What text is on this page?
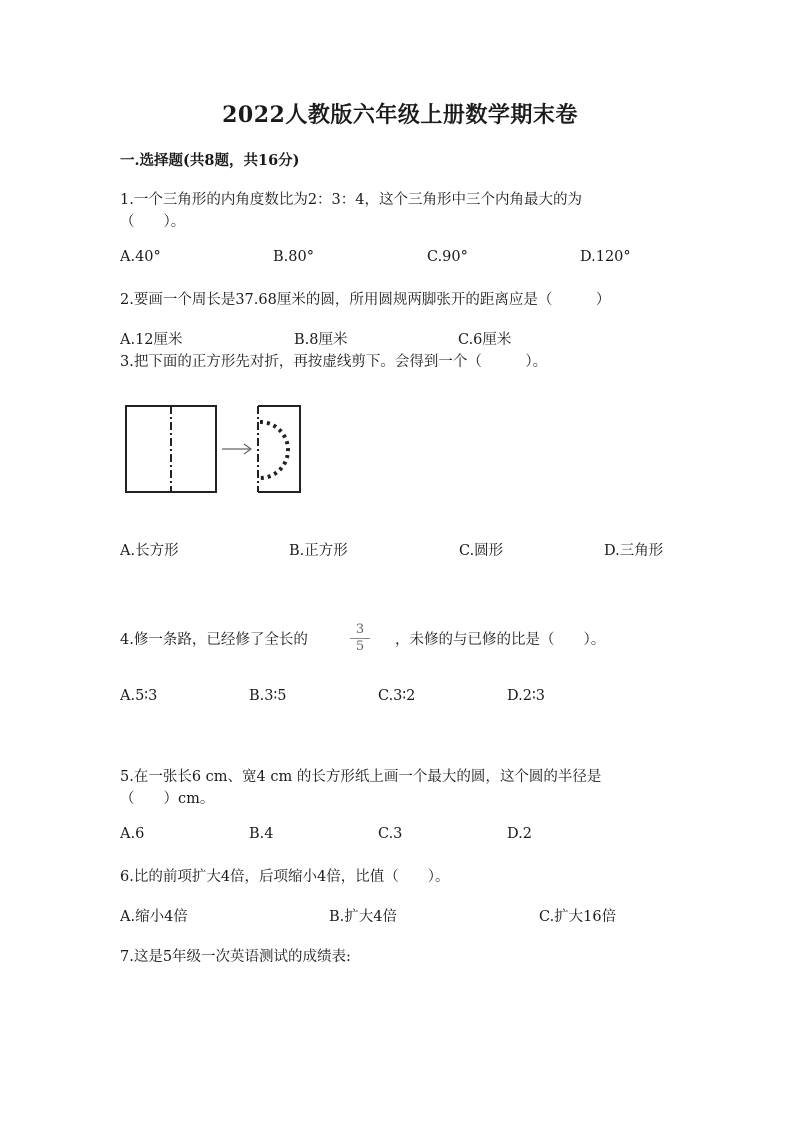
2022人教版六年级上册数学期末卷
一.选择题(共8题，共16分)
1.一个三角形的内角度数比为2：3：4，这个三角形中三个内角最大的为
（　　）。
A.40°	B.80°	C.90°	D.120°
2.要画一个周长是37.68厘米的圆，所用圆规两脚张开的距离应是（　　　）
A.12厘米	B.8厘米	C.6厘米
3.把下面的正方形先对折，再按虚线剪下。会得到一个（　　　）。
A.长方形	B.正方形	C.圆形	D.三角形
4.修一条路，已经修了全长的	$\frac{3}{5}$ ，未修的与已修的比是（　　）。
A.5∶3	B.3∶5	C.3∶2	D.2∶3
5.在一张长6 cm、宽4 cm 的长方形纸上画一个最大的圆，这个圆的半径是
（　　）cm。
A.6	B.4	C.3	D.2
6.比的前项扩大4倍，后项缩小4倍，比值（　　）。
A.缩小4倍	B.扩大4倍	C.扩大16倍
7.这是5年级一次英语测试的成绩表:
